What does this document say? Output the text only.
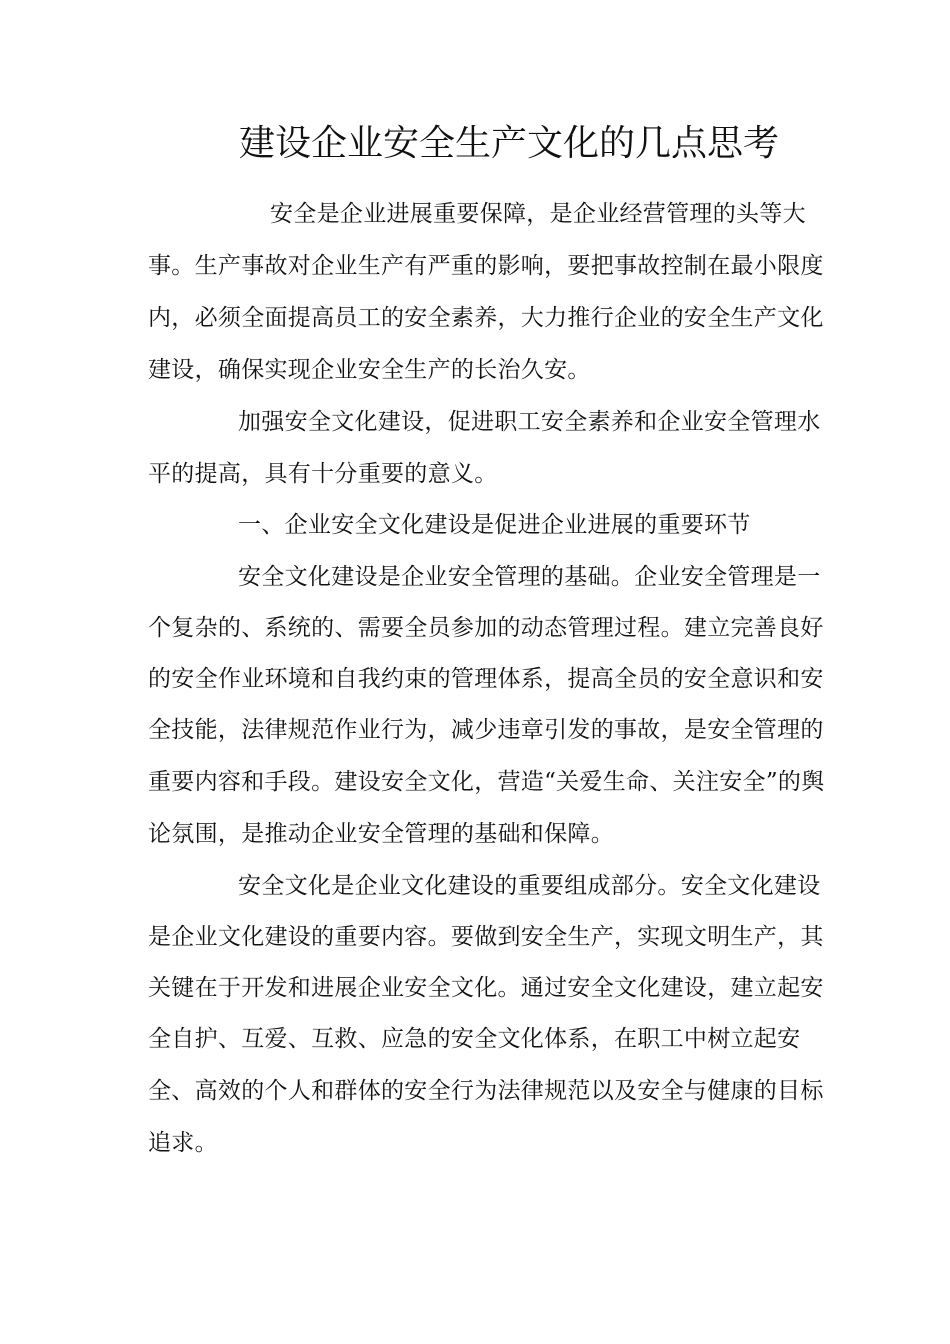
建设企业安全生产文化的几点思考
安全是企业进展重要保障，是企业经营管理的头等大
事。生产事故对企业生产有严重的影响，要把事故控制在最小限度
内，必须全面提高员工的安全素养，大力推行企业的安全生产文化
建设，确保实现企业安全生产的长治久安。
加强安全文化建设，促进职工安全素养和企业安全管理水
平的提高，具有十分重要的意义。
一、企业安全文化建设是促进企业进展的重要环节
安全文化建设是企业安全管理的基础。企业安全管理是一
个复杂的、系统的、需要全员参加的动态管理过程。建立完善良好
的安全作业环境和自我约束的管理体系，提高全员的安全意识和安
全技能，法律规范作业行为，减少违章引发的事故，是安全管理的
重要内容和手段。建设安全文化，营造“关爱生命、关注安全”的舆
论氛围，是推动企业安全管理的基础和保障。
安全文化是企业文化建设的重要组成部分。安全文化建设
是企业文化建设的重要内容。要做到安全生产，实现文明生产，其
关键在于开发和进展企业安全文化。通过安全文化建设，建立起安
全自护、互爱、互救、应急的安全文化体系，在职工中树立起安
全、高效的个人和群体的安全行为法律规范以及安全与健康的目标
追求。
